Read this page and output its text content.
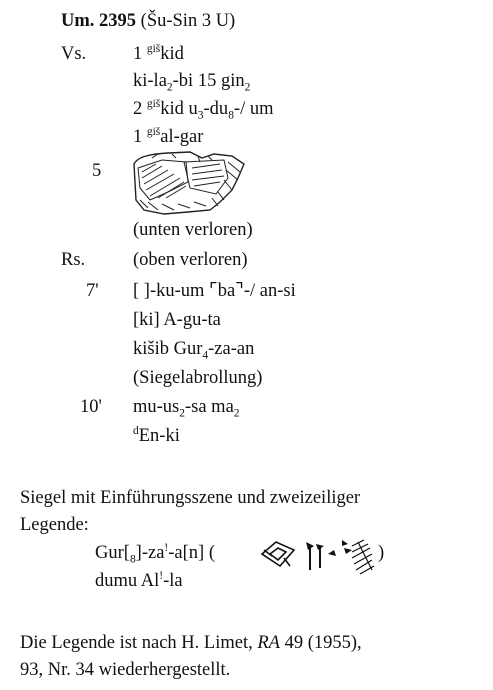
Um. 2395 (Šu-Sin 3 U)
Vs.	1 $^{giš}$kid
$ki-la_2-bi$ 15 gin$_2$
2 $^{giš}$kid $u_3-du_8-/$ um
1 $^{giš}$al-gar
5
(unten verloren)
Rs.	(oben verloren)
7' [ ]-ku-um ⌜ba⌝-/ an-si
[ki] A-gu-ta
kišib Gur$_4$-za-an
(Siegelabrollung)
10' $mu-us_2-sa$ $ma_2$
$^d$En-ki
Siegel mit Einführungsszene und zweizeiliger
Legende:
$Gur[_8]-za^!-a[n]$ (	)
dumu Al!-la
Die Legende ist nach H. Limet, RA 49 (1955),
93, Nr. 34 wiederhergestellt.
